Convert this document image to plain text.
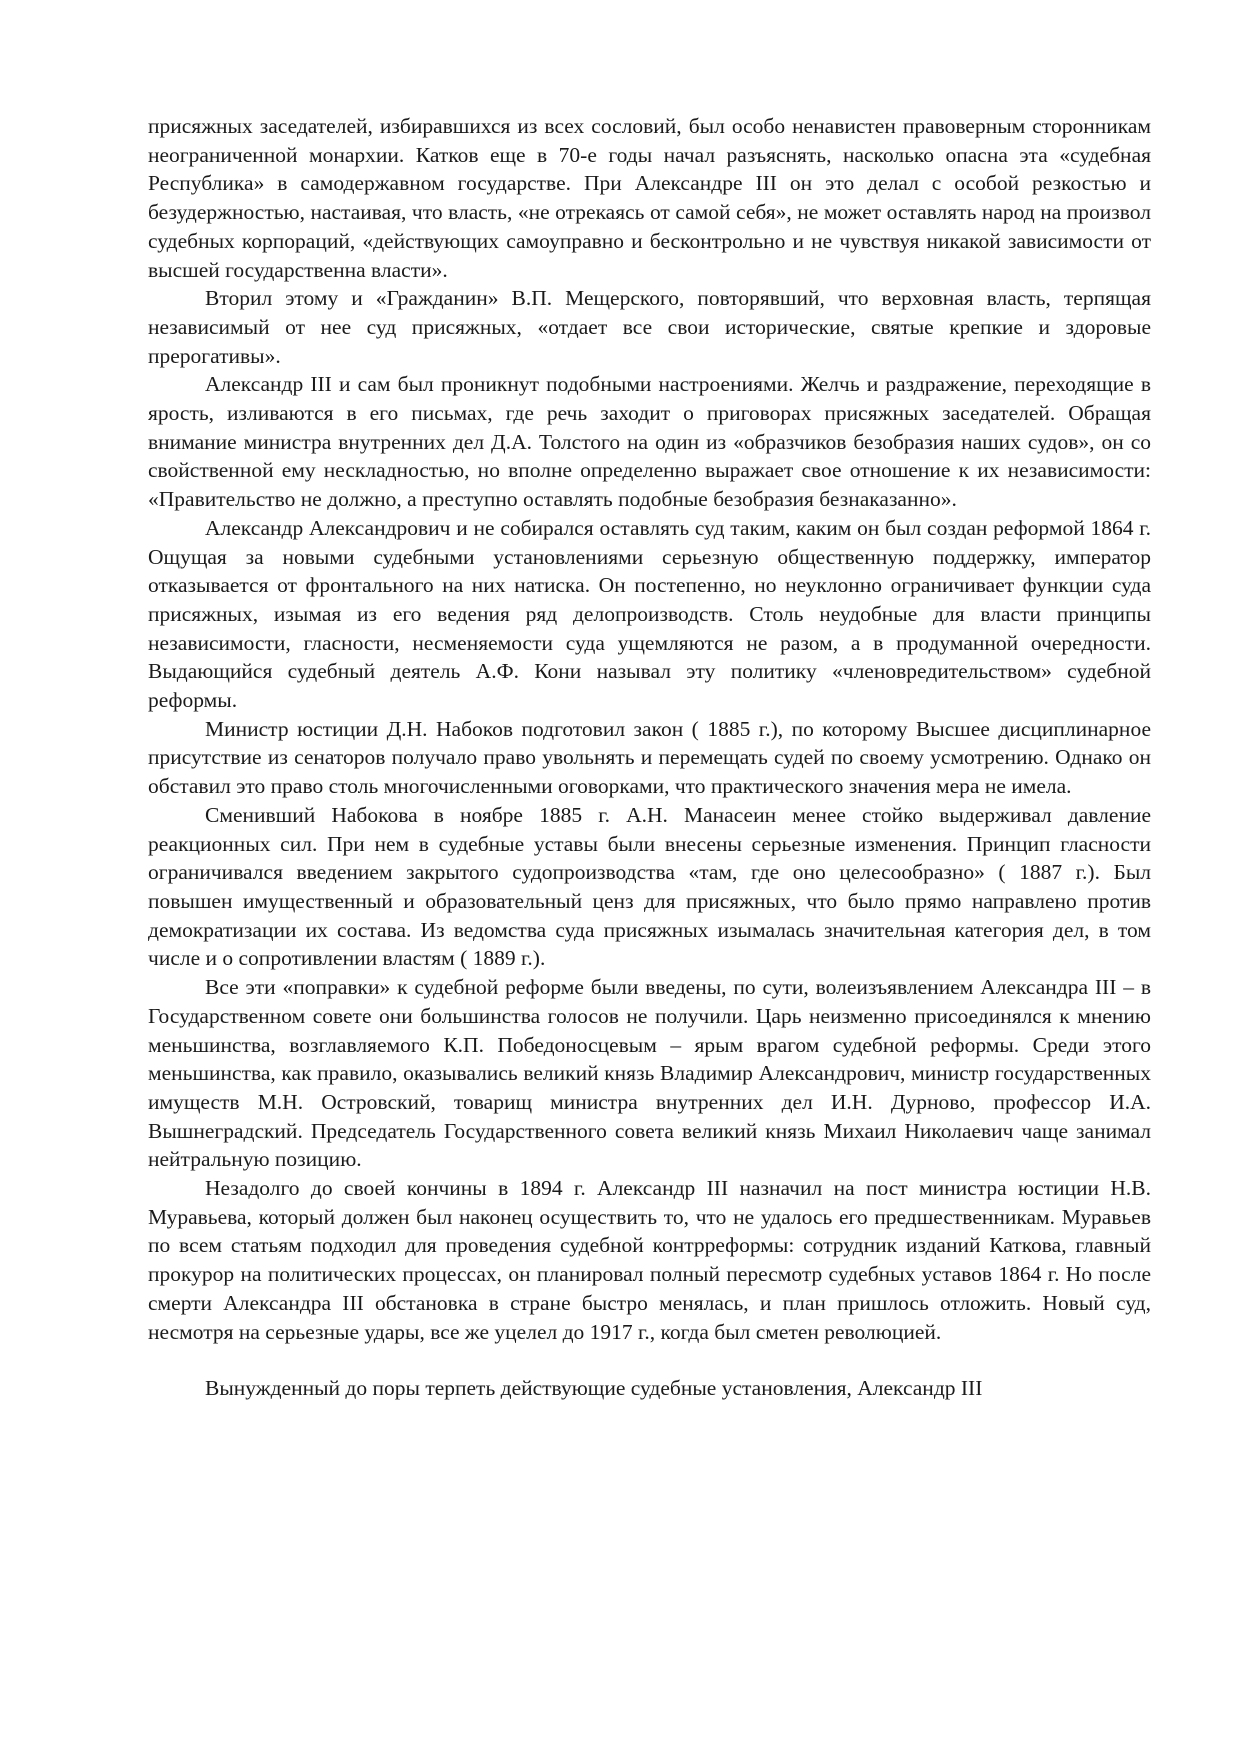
присяжных заседателей, избиравшихся из всех сословий, был особо ненавистен правоверным сторонникам неограниченной монархии. Катков еще в 70-е годы начал разъяснять, насколько опасна эта «судебная Республика» в самодержавном государстве. При Александре III он это делал с особой резкостью и безудержностью, настаивая, что власть, «не отрекаясь от самой себя», не может оставлять народ на произвол судебных корпораций, «действующих самоуправно и бесконтрольно и не чувствуя никакой зависимости от высшей государственна власти».

Вторил этому и «Гражданин» В.П. Мещерского, повторявший, что верховная власть, терпящая независимый от нее суд присяжных, «отдает все свои исторические, святые крепкие и здоровые прерогативы».

Александр III и сам был проникнут подобными настроениями. Желчь и раздражение, переходящие в ярость, изливаются в его письмах, где речь заходит о приговорах присяжных заседателей. Обращая внимание министра внутренних дел Д.А. Толстого на один из «образчиков безобразия наших судов», он со свойственной ему нескладностью, но вполне определенно выражает свое отношение к их независимости: «Правительство не должно, а преступно оставлять подобные безобразия безнаказанно».

Александр Александрович и не собирался оставлять суд таким, каким он был создан реформой 1864 г. Ощущая за новыми судебными установлениями серьезную общественную поддержку, император отказывается от фронтального на них натиска. Он постепенно, но неуклонно ограничивает функции суда присяжных, изымая из его ведения ряд делопроизводств. Столь неудобные для власти принципы независимости, гласности, несменяемости суда ущемляются не разом, а в продуманной очередности. Выдающийся судебный деятель А.Ф. Кони называл эту политику «членовредительством» судебной реформы.

Министр юстиции Д.Н. Набоков подготовил закон ( 1885 г.), по которому Высшее дисциплинарное присутствие из сенаторов получало право увольнять и перемещать судей по своему усмотрению. Однако он обставил это право столь многочисленными оговорками, что практического значения мера не имела.

Сменивший Набокова в ноябре 1885 г. А.Н. Манасеин менее стойко выдерживал давление реакционных сил. При нем в судебные уставы были внесены серьезные изменения. Принцип гласности ограничивался введением закрытого судопроизводства «там, где оно целесообразно» ( 1887 г.). Был повышен имущественный и образовательный ценз для присяжных, что было прямо направлено против демократизации их состава. Из ведомства суда присяжных изымалась значительная категория дел, в том числе и о сопротивлении властям ( 1889 г.).

Все эти «поправки» к судебной реформе были введены, по сути, волеизъявлением Александра III – в Государственном совете они большинства голосов не получили. Царь неизменно присоединялся к мнению меньшинства, возглавляемого К.П. Победоносцевым – ярым врагом судебной реформы. Среди этого меньшинства, как правило, оказывались великий князь Владимир Александрович, министр государственных имуществ М.Н. Островский, товарищ министра внутренних дел И.Н. Дурново, профессор И.А. Вышнеградский. Председатель Государственного совета великий князь Михаил Николаевич чаще занимал нейтральную позицию.

Незадолго до своей кончины в 1894 г. Александр III назначил на пост министра юстиции Н.В. Муравьева, который должен был наконец осуществить то, что не удалось его предшественникам. Муравьев по всем статьям подходил для проведения судебной контрреформы: сотрудник изданий Каткова, главный прокурор на политических процессах, он планировал полный пересмотр судебных уставов 1864 г. Но после смерти Александра III обстановка в стране быстро менялась, и план пришлось отложить. Новый суд, несмотря на серьезные удары, все же уцелел до 1917 г., когда был сметен революцией.

Вынужденный до поры терпеть действующие судебные установления, Александр III
